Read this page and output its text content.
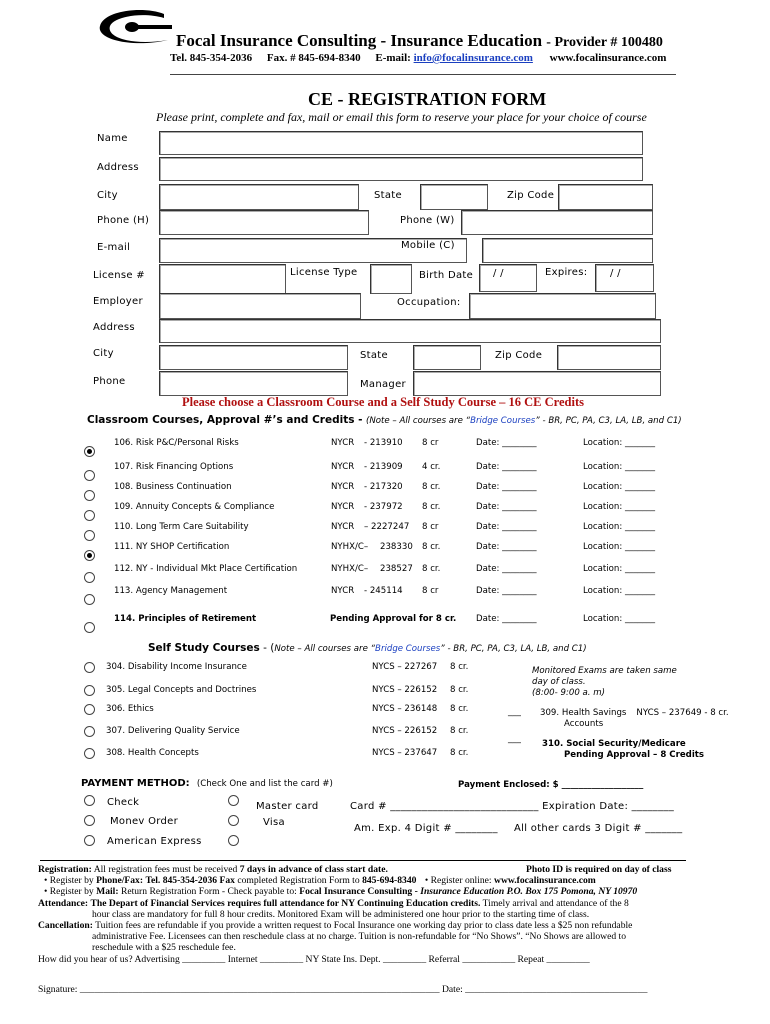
Focal Insurance Consulting - Insurance Education - Provider # 100480
Tel. 845-354-2036 Fax. # 845-694-8340 E-mail: info@focalinsurance.com www.focalinsurance.com
CE - REGISTRATION FORM
Please print, complete and fax, mail or email this form to reserve your place for your choice of course
Name
Address
City	State	Zip Code
Phone (H)	Phone (W)
E-mail	Mobile (C)
License #	License Type	Birth Date / /	Expires: / /
Employer	Occupation:
Address
City	State	Zip Code
Phone	Manager
Please choose a Classroom Course and a Self Study Course – 16 CE Credits
Classroom Courses, Approval #’s and Credits - (Note – All courses are “Bridge Courses” - BR, PC, PA, C3, LA, LB, and C1)
106. Risk P&C/Personal Risks	NYCR - 213910 8 cr	Date: ________	Location: _______
107. Risk Financing Options	NYCR - 213909 4 cr.	Date: ________	Location: _______
108. Business Continuation	NYCR - 217320 8 cr.	Date: ________	Location: _______
109. Annuity Concepts & Compliance	NYCR - 237972 8 cr.	Date: ________	Location: _______
110. Long Term Care Suitability	NYCR – 2227247 8 cr	Date: ________	Location: _______
111. NY SHOP Certification	NYHX/C– 238330 8 cr.	Date: ________	Location: _______
112. NY - Individual Mkt Place Certification	NYHX/C– 238527 8 cr.	Date: ________	Location: _______
113. Agency Management	NYCR - 245114 8 cr	Date: ________	Location: _______
114. Principles of Retirement	Pending Approval for 8 cr. Date: ________	Location: _______
Self Study Courses - (Note – All courses are “Bridge Courses” - BR, PC, PA, C3, LA, LB, and C1)
304. Disability Income Insurance	NYCS – 227267 8 cr.
305. Legal Concepts and Doctrines	NYCS – 226152 8 cr.
306. Ethics	NYCS – 236148 8 cr.
307. Delivering Quality Service	NYCS – 226152 8 cr.
308. Health Concepts	NYCS – 237647 8 cr.
Monitored Exams are taken same
day of class.
(8:00- 9:00 a. m)
___ 309. Health Savings NYCS – 237649 - 8 cr.
Accounts
___ 310. Social Security/Medicare
Pending Approval – 8 Credits
PAYMENT METHOD: (Check One and list the card #)	Payment Enclosed: $ ___________________
Check
Monev Order
American Express
Master card
Visa
Card # ____________________________ Expiration Date: ________
Am. Exp. 4 Digit # ________ All other cards 3 Digit # _______
Registration: All registration fees must be received 7 days in advance of class start date.	Photo ID is required on day of class
• Register by Phone/Fax: Tel. 845-354-2036 Fax completed Registration Form to 845-694-8340 • Register online: www.focalinsurance.com
• Register by Mail: Return Registration Form - Check payable to: Focal Insurance Consulting - Insurance Education P.O. Box 175 Pomona, NY 10970
Attendance: The Depart of Financial Services requires full attendance for NY Continuing Education credits. Timely arrival and attendance of the 8
hour class are mandatory for full 8 hour credits. Monitored Exam will be administered one hour prior to the starting time of class.
Cancellation: Tuition fees are refundable if you provide a written request to Focal Insurance one working day prior to class date less a $25 non refundable
administrative Fee. Licensees can then reschedule class at no charge. Tuition is non-refundable for “No Shows”. “No Shows are allowed to
reschedule with a $25 reschedule fee.
How did you hear of us? Advertising _________ Internet _________ NY State Ins. Dept. _________ Referral ___________ Repeat _________
Signature: ___________________________________________________________________________ Date: ______________________________________
